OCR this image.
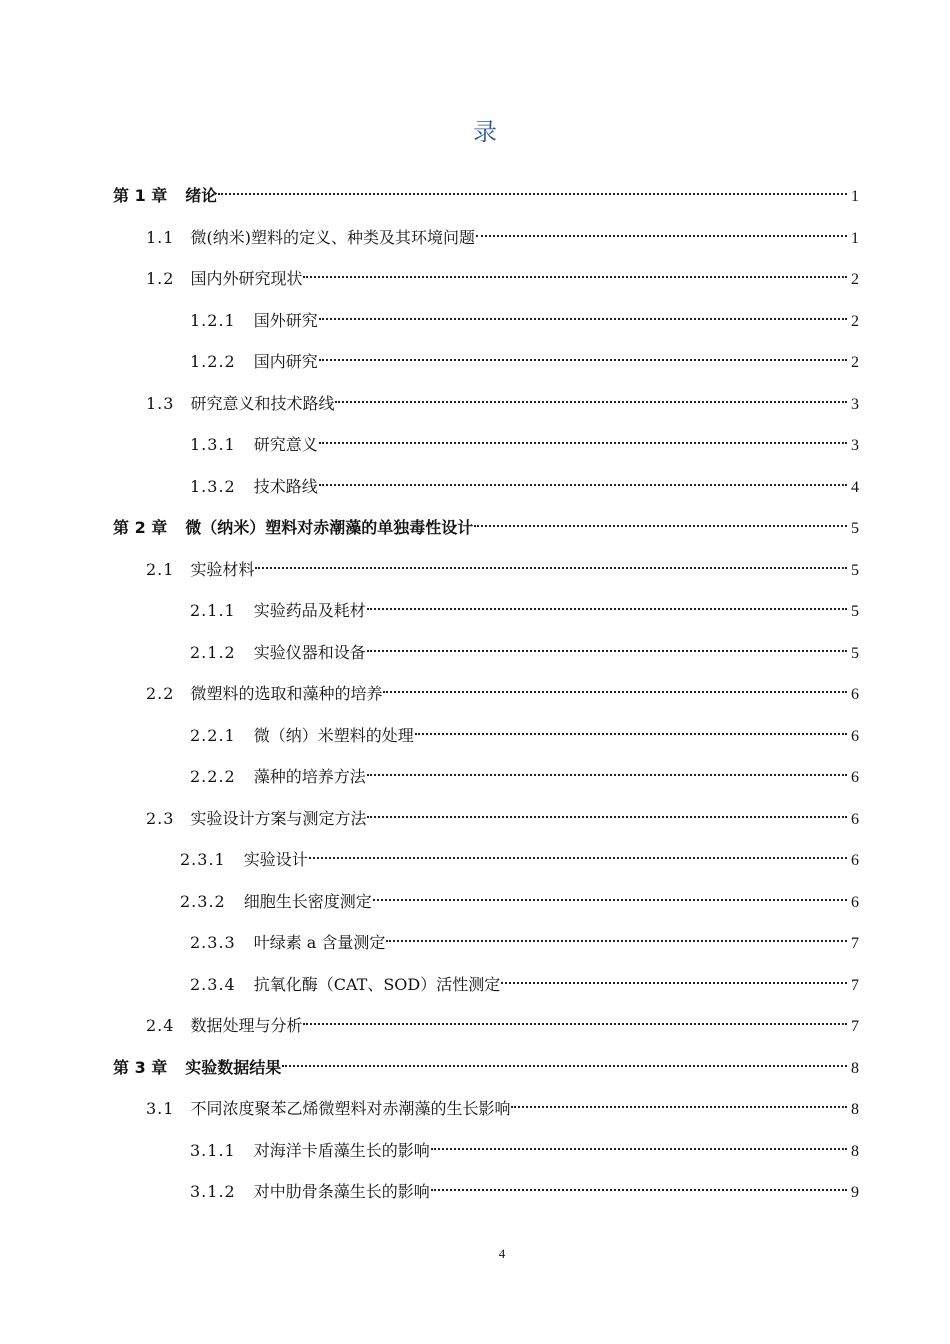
录
第 1 章 绪论	1
1.1 微(纳米)塑料的定义、种类及其环境问题	1
1.2 国内外研究现状	2
1.2.1 国外研究	2
1.2.2 国内研究	2
1.3 研究意义和技术路线	3
1.3.1 研究意义	3
1.3.2 技术路线	4
第 2 章 微（纳米）塑料对赤潮藻的单独毒性设计	5
2.1 实验材料	5
2.1.1 实验药品及耗材	5
2.1.2 实验仪器和设备	5
2.2 微塑料的选取和藻种的培养	6
2.2.1 微（纳）米塑料的处理	6
2.2.2 藻种的培养方法	6
2.3 实验设计方案与测定方法	6
2.3.1 实验设计	6
2.3.2 细胞生长密度测定	6
2.3.3 叶绿素 a 含量测定	7
2.3.4 抗氧化酶（CAT、SOD）活性测定	7
2.4 数据处理与分析	7
第 3 章 实验数据结果	8
3.1 不同浓度聚苯乙烯微塑料对赤潮藻的生长影响	8
3.1.1 对海洋卡盾藻生长的影响	8
3.1.2 对中肋骨条藻生长的影响	9
4
